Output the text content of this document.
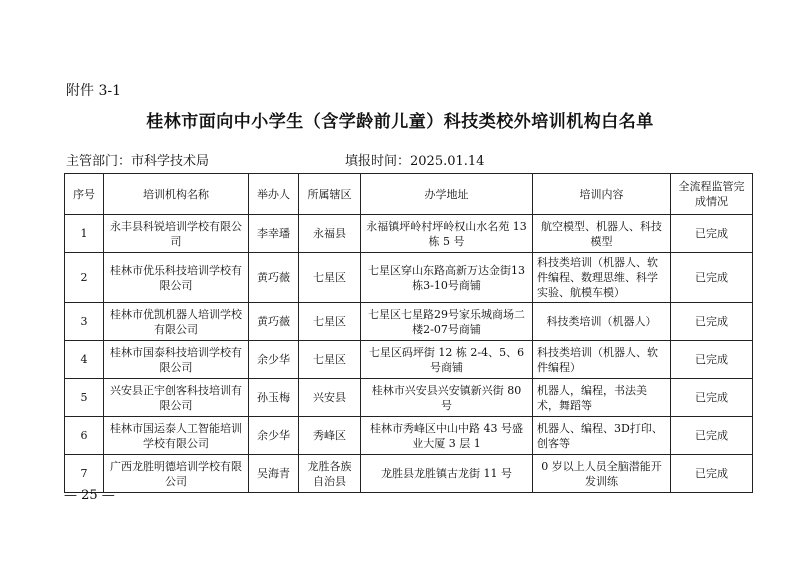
附件 3-1
桂林市面向中小学生（含学龄前儿童）科技类校外培训机构白名单
主管部门：市科学技术局	填报时间：2025.01.14
序号	培训机构名称	举办人	所属辖区	办学地址	培训内容	全流程监管完成情况
1	永丰县科锐培训学校有限公司	李幸璠	永福县	永福镇坪岭村坪岭权山水名苑 13 栋 5 号	航空模型、机器人、科技模型	已完成
2	桂林市优乐科技培训学校有限公司	黄巧薇	七星区	七星区穿山东路高新万达金街13栋3-10号商铺	科技类培训（机器人、软件编程、数理思维、科学实验、航模车模）	已完成
3	桂林市优凯机器人培训学校有限公司	黄巧薇	七星区	七星区七星路29号家乐城商场二楼2-07号商铺	科技类培训（机器人）	已完成
4	桂林市国泰科技培训学校有限公司	余少华	七星区	七星区码坪街 12 栋 2-4、5、6 号商铺	科技类培训（机器人、软件编程）	已完成
5	兴安县正宇创客科技培训有限公司	孙玉梅	兴安县	桂林市兴安县兴安镇新兴街 80 号	机器人，编程，书法美术，舞蹈等	已完成
6	桂林市国运泰人工智能培训学校有限公司	余少华	秀峰区	桂林市秀峰区中山中路 43 号盛业大厦 3 层 1	机器人、编程、3D打印、创客等	已完成
7	广西龙胜明德培训学校有限公司	吴海青	龙胜各族自治县	龙胜县龙胜镇古龙街 11 号	0 岁以上人员全脑潜能开发训练	已完成
— 25 —
